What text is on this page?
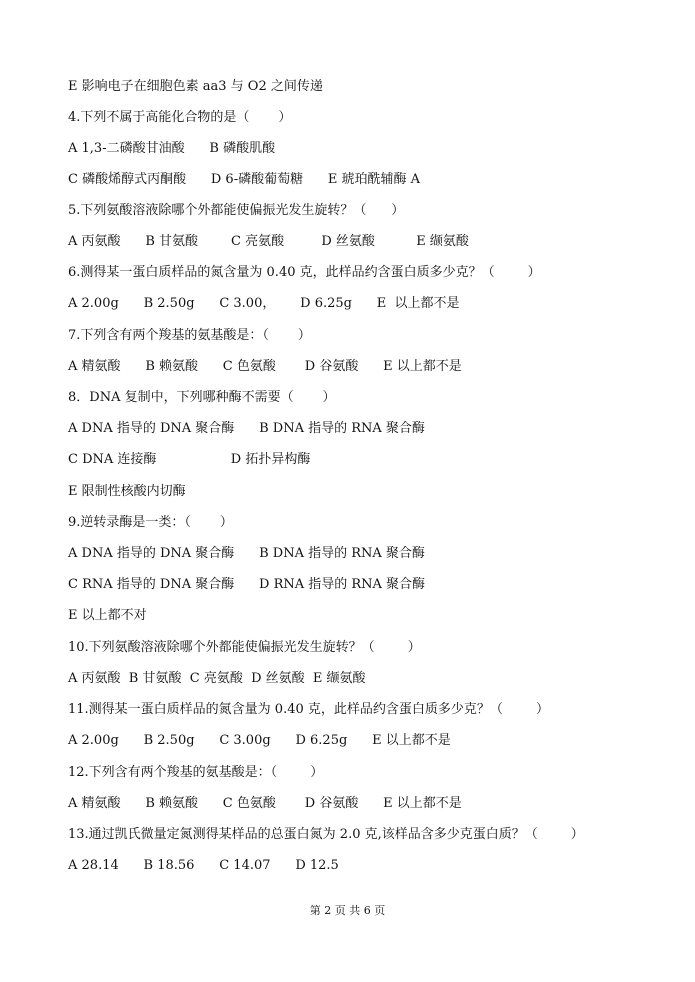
E 影响电子在细胞色素 aa3 与 O2 之间传递
4.下列不属于高能化合物的是（       ）
A 1,3-二磷酸甘油酸      B 磷酸肌酸
C 磷酸烯醇式丙酮酸      D 6-磷酸葡萄糖      E 琥珀酰辅酶 A
5.下列氨酸溶液除哪个外都能使偏振光发生旋转？（      ）
A 丙氨酸      B 甘氨酸        C 亮氨酸         D 丝氨酸          E 缬氨酸
6.测得某一蛋白质样品的氮含量为 0.40 克，此样品约含蛋白质多少克？（        ）
A 2.00g      B 2.50g      C 3.00，      D 6.25g      E  以上都不是
7.下列含有两个羧基的氨基酸是：（       ）
A 精氨酸      B 赖氨酸      C 色氨酸       D 谷氨酸      E 以上都不是
8．DNA 复制中，下列哪种酶不需要（       ）
A DNA 指导的 DNA 聚合酶      B DNA 指导的 RNA 聚合酶
C DNA 连接酶                  D 拓扑异构酶
E 限制性核酸内切酶
9.逆转录酶是一类：（       ）
A DNA 指导的 DNA 聚合酶      B DNA 指导的 RNA 聚合酶
C RNA 指导的 DNA 聚合酶      D RNA 指导的 RNA 聚合酶
E 以上都不对
10.下列氨酸溶液除哪个外都能使偏振光发生旋转？（        ）
A 丙氨酸  B 甘氨酸  C 亮氨酸  D 丝氨酸  E 缬氨酸
11.测得某一蛋白质样品的氮含量为 0.40 克，此样品约含蛋白质多少克？（        ）
A 2.00g      B 2.50g      C 3.00g      D 6.25g      E 以上都不是
12.下列含有两个羧基的氨基酸是：（        ）
A 精氨酸      B 赖氨酸      C 色氨酸       D 谷氨酸      E 以上都不是
13.通过凯氏微量定氮测得某样品的总蛋白氮为 2.0 克,该样品含多少克蛋白质？（        ）
A 28.14      B 18.56      C 14.07      D 12.5
第 2 页 共 6 页
